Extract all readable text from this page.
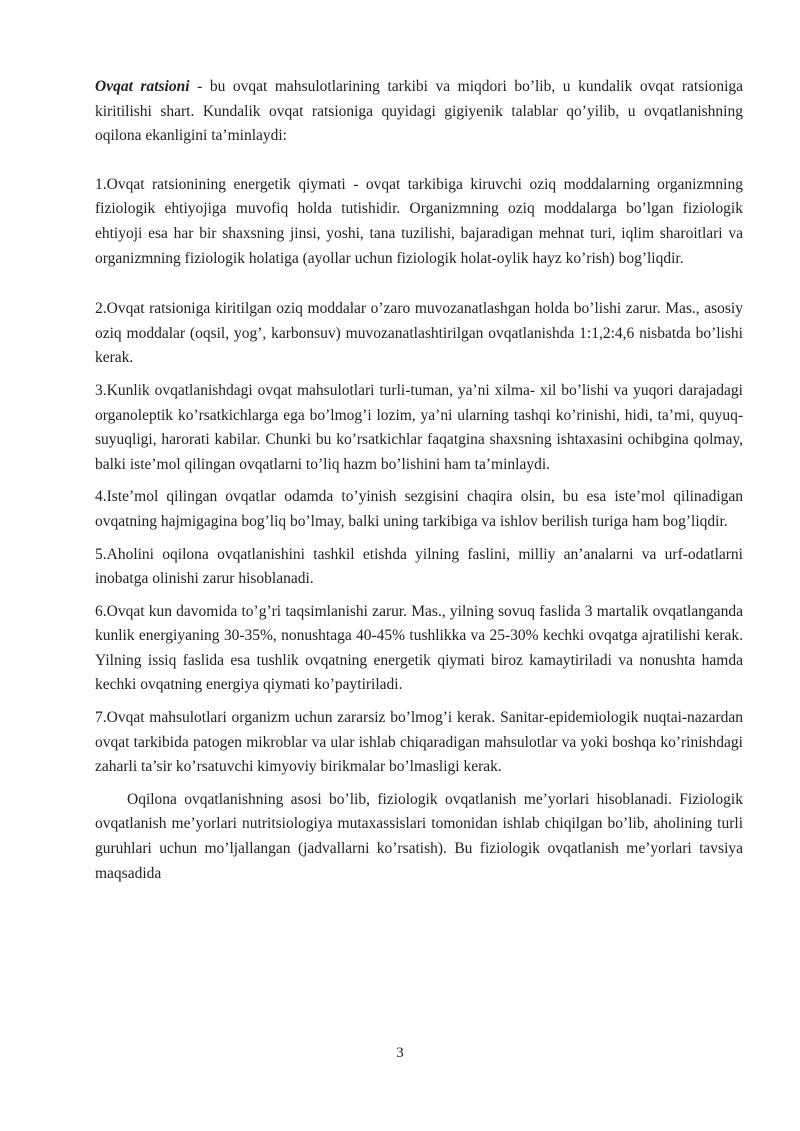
Ovqat ratsioni - bu ovqat mahsulotlarining tarkibi va miqdori bo’lib, u kundalik ovqat ratsioniga kiritilishi shart. Kundalik ovqat ratsioniga quyidagi gigiyenik talablar qo’yilib, u ovqatlanishning oqilona ekanligini ta’minlaydi:

1.Ovqat ratsionining energetik qiymati - ovqat tarkibiga kiruvchi oziq moddalarning organizmning fiziologik ehtiyojiga muvofiq holda tutishidir. Organizmning oziq moddalarga bo’lgan fiziologik ehtiyoji esa har bir shaxsning jinsi, yoshi, tana tuzilishi, bajaradigan mehnat turi, iqlim sharoitlari va organizmning fiziologik holatiga (ayollar uchun fiziologik holat-oylik hayz ko’rish) bog’liqdir.

2.Ovqat ratsioniga kiritilgan oziq moddalar o’zaro muvozanatlashgan holda bo’lishi zarur. Mas., asosiy oziq moddalar (oqsil, yog’, karbonsuv) muvozanatlashtirilgan ovqatlanishda 1:1,2:4,6 nisbatda bo’lishi kerak.

3.Kunlik ovqatlanishdagi ovqat mahsulotlari turli-tuman, ya’ni xilma- xil bo’lishi va yuqori darajadagi organoleptik ko’rsatkichlarga ega bo’lmog’i lozim, ya’ni ularning tashqi ko’rinishi, hidi, ta’mi, quyuq-suyuqligi, harorati kabilar. Chunki bu ko’rsatkichlar faqatgina shaxsning ishtaxasini ochibgina qolmay, balki iste’mol qilingan ovqatlarni to’liq hazm bo’lishini ham ta’minlaydi.

4.Iste’mol qilingan ovqatlar odamda to’yinish sezgisini chaqira olsin, bu esa iste’mol qilinadigan ovqatning hajmigagina bog’liq bo’lmay, balki uning tarkibiga va ishlov berilish turiga ham bog’liqdir.

5.Aholini oqilona ovqatlanishini tashkil etishda yilning faslini, milliy an’analarni va urf-odatlarni inobatga olinishi zarur hisoblanadi.

6.Ovqat kun davomida to’g’ri taqsimlanishi zarur. Mas., yilning sovuq faslida 3 martalik ovqatlanganda kunlik energiyaning 30-35%, nonushtaga 40-45% tushlikka va 25-30% kechki ovqatga ajratilishi kerak. Yilning issiq faslida esa tushlik ovqatning energetik qiymati biroz kamaytiriladi va nonushta hamda kechki ovqatning energiya qiymati ko’paytiriladi.

7.Ovqat mahsulotlari organizm uchun zararsiz bo’lmog’i kerak. Sanitar-epidemiologik nuqtai-nazardan ovqat tarkibida patogen mikroblar va ular ishlab chiqaradigan mahsulotlar va yoki boshqa ko’rinishdagi zaharli ta’sir ko’rsatuvchi kimyoviy birikmalar bo’lmasligi kerak.

Oqilona ovqatlanishning asosi bo’lib, fiziologik ovqatlanish me’yorlari hisoblanadi. Fiziologik ovqatlanish me’yorlari nutritsiologiya mutaxassislari tomonidan ishlab chiqilgan bo’lib, aholining turli guruhlari uchun mo’ljallangan (jadvallarni ko’rsatish). Bu fiziologik ovqatlanish me’yorlari tavsiya maqsadida

3
